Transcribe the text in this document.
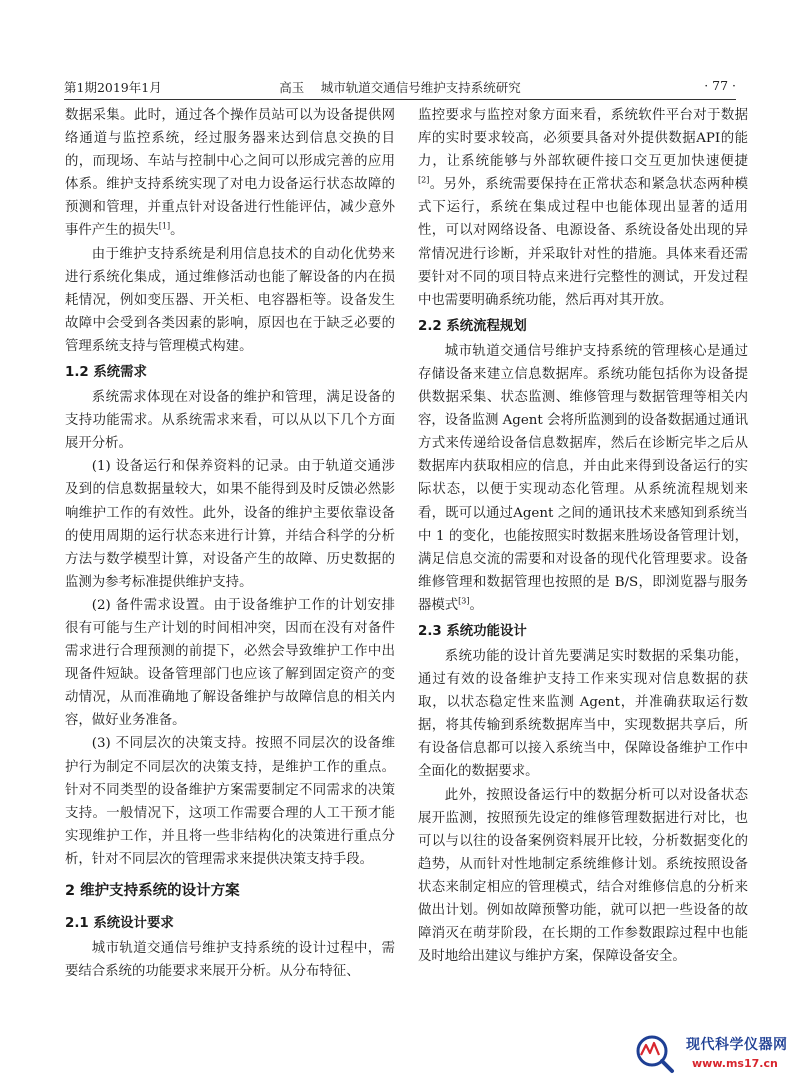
第1期2019年1月	高玉　 城市轨道交通信号维护支持系统研究	· 77 ·

数据采集。此时，通过各个操作员站可以为设备提供网络通道与监控系统，经过服务器来达到信息交换的目的，而现场、车站与控制中心之间可以形成完善的应用体系。维护支持系统实现了对电力设备运行状态故障的预测和管理，并重点针对设备进行性能评估，减少意外事件产生的损失[1]。

由于维护支持系统是利用信息技术的自动化优势来进行系统化集成，通过维修活动也能了解设备的内在损耗情况，例如变压器、开关柜、电容器柜等。设备发生故障中会受到各类因素的影响，原因也在于缺乏必要的管理系统支持与管理模式构建。

1.2 系统需求

系统需求体现在对设备的维护和管理，满足设备的支持功能需求。从系统需求来看，可以从以下几个方面展开分析。

(1) 设备运行和保养资料的记录。由于轨道交通涉及到的信息数据量较大，如果不能得到及时反馈必然影响维护工作的有效性。此外，设备的维护主要依靠设备的使用周期的运行状态来进行计算，并结合科学的分析方法与数学模型计算，对设备产生的故障、历史数据的监测为参考标准提供维护支持。

(2) 备件需求设置。由于设备维护工作的计划安排很有可能与生产计划的时间相冲突，因而在没有对备件需求进行合理预测的前提下，必然会导致维护工作中出现备件短缺。设备管理部门也应该了解到固定资产的变动情况，从而准确地了解设备维护与故障信息的相关内容，做好业务准备。

(3) 不同层次的决策支持。按照不同层次的设备维护行为制定不同层次的决策支持，是维护工作的重点。针对不同类型的设备维护方案需要制定不同需求的决策支持。一般情况下，这项工作需要合理的人工干预才能实现维护工作，并且将一些非结构化的决策进行重点分析，针对不同层次的管理需求来提供决策支持手段。

2 维护支持系统的设计方案
2.1 系统设计要求

城市轨道交通信号维护支持系统的设计过程中，需要结合系统的功能要求来展开分析。从分布特征、

监控要求与监控对象方面来看，系统软件平台对于数据库的实时要求较高，必须要具备对外提供数据API的能力，让系统能够与外部软硬件接口交互更加快速便捷[2]。另外，系统需要保持在正常状态和紧急状态两种模式下运行，系统在集成过程中也能体现出显著的适用性，可以对网络设备、电源设备、系统设备处出现的异常情况进行诊断，并采取针对性的措施。具体来看还需要针对不同的项目特点来进行完整性的测试，开发过程中也需要明确系统功能，然后再对其开放。

2.2 系统流程规划

城市轨道交通信号维护支持系统的管理核心是通过存储设备来建立信息数据库。系统功能包括你为设备提供数据采集、状态监测、维修管理与数据管理等相关内容，设备监测 Agent 会将所监测到的设备数据通过通讯方式来传递给设备信息数据库，然后在诊断完毕之后从数据库内获取相应的信息，并由此来得到设备运行的实际状态，以便于实现动态化管理。从系统流程规划来看，既可以通过Agent 之间的通讯技术来感知到系统当中 1 的变化，也能按照实时数据来胜场设备管理计划，满足信息交流的需要和对设备的现代化管理要求。设备维修管理和数据管理也按照的是 B/S，即浏览器与服务器模式[3]。

2.3 系统功能设计

系统功能的设计首先要满足实时数据的采集功能，通过有效的设备维护支持工作来实现对信息数据的获取，以状态稳定性来监测 Agent，并准确获取运行数据，将其传输到系统数据库当中，实现数据共享后，所有设备信息都可以接入系统当中，保障设备维护工作中全面化的数据要求。

此外，按照设备运行中的数据分析可以对设备状态展开监测，按照预先设定的维修管理数据进行对比，也可以与以往的设备案例资料展开比较，分析数据变化的趋势，从而针对性地制定系统维修计划。系统按照设备状态来制定相应的管理模式，结合对维修信息的分析来做出计划。例如故障预警功能，就可以把一些设备的故障消灭在萌芽阶段，在长期的工作参数跟踪过程中也能及时地给出建议与维护方案，保障设备安全。

现代科学仪器网
www.ms17.cn
